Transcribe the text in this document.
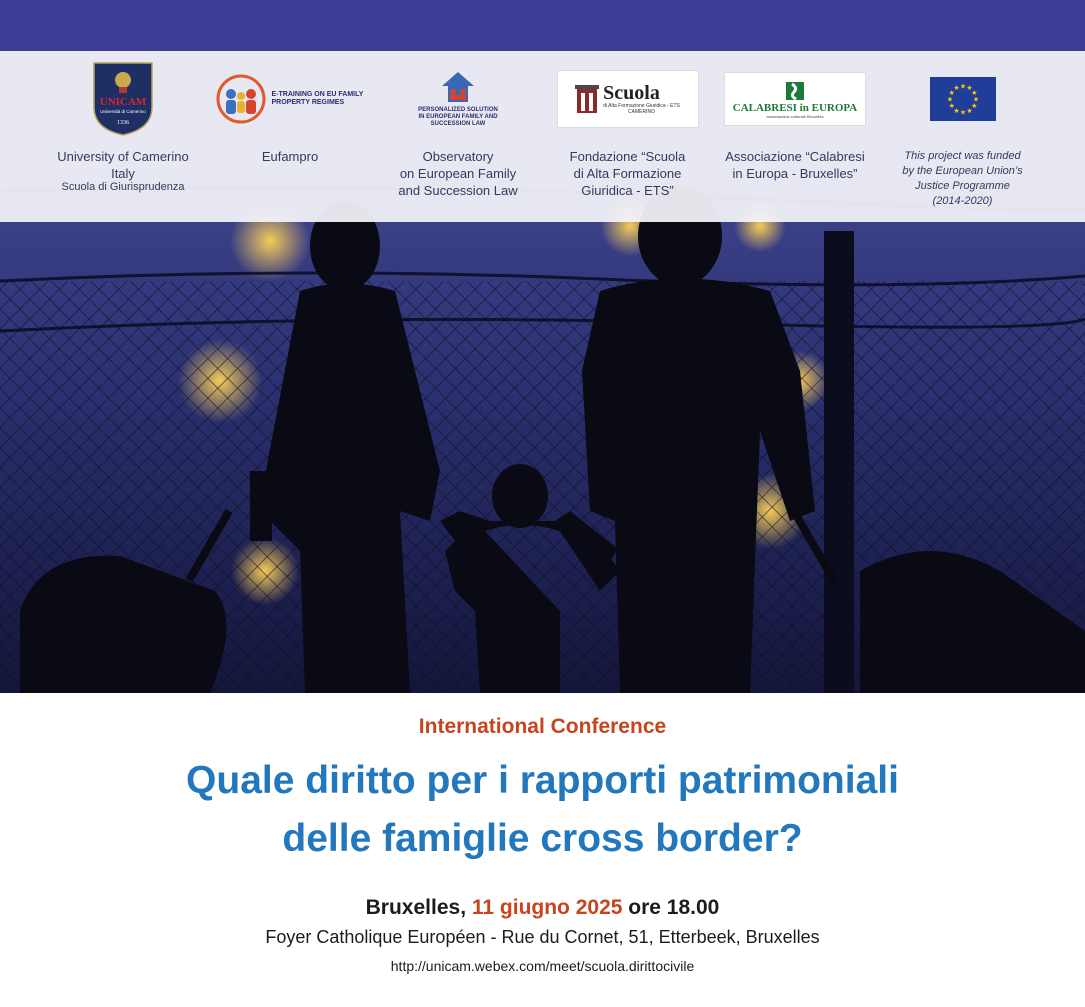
UNICAM
Università di Camerino
1336
University of Camerino
Italy
Scuola di Giurisprudenza
E-TRAINING ON EU FAMILY PROPERTY REGIMES
Eufampro
PERSONALIZED SOLUTION IN EUROPEAN FAMILY AND SUCCESSION LAW
Observatory
on European Family
and Succession Law
Scuola
di Alta Formazione Giuridica - ETS
CAMERINO
Fondazione “Scuola
di Alta Formazione
Giuridica - ETS”
CALABRESI in EUROPA
associazione culturale Bruxelles
Associazione “Calabresi
in Europa - Bruxelles”
★ ★
★
★
★
★
★
★
★
★
★
★
This project was funded
by the European Union’s
Justice Programme
(2014-2020)
International Conference
Quale diritto per i rapporti patrimoniali
delle famiglie cross border?
Bruxelles, 11 giugno 2025 ore 18.00
Foyer Catholique Européen - Rue du Cornet, 51, Etterbeek, Bruxelles
http://unicam.webex.com/meet/scuola.dirittocivile
